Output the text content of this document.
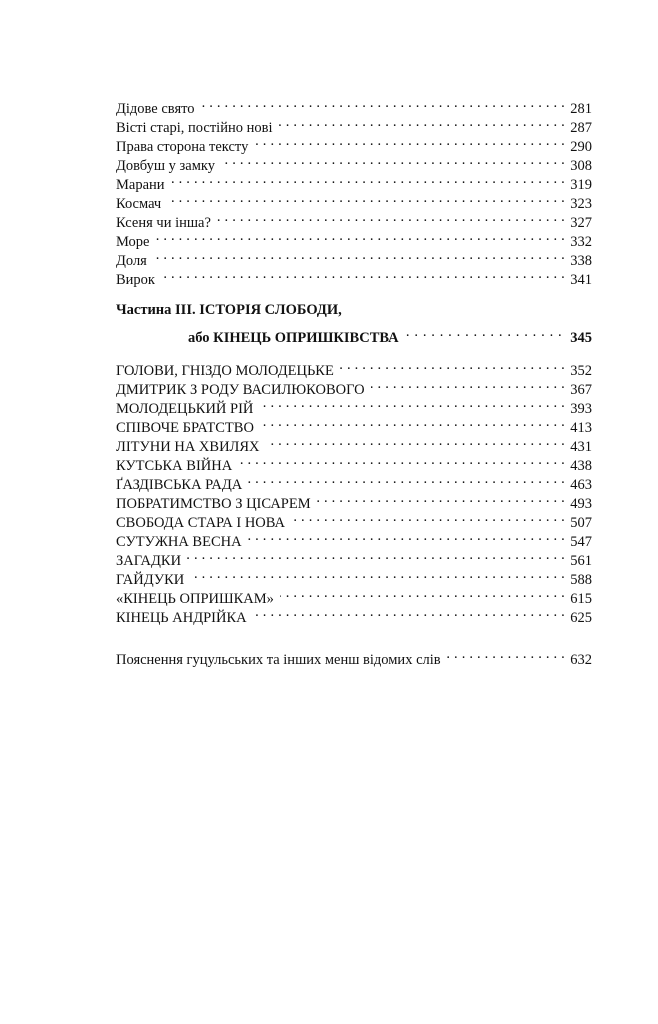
Дідове свято . . .	281
Вісті старі, постійно нові . . .	287
Права сторона тексту . . .	290
Довбуш у замку . . .	308
Марани . . .	319
Космач . . .	323
Ксеня чи інша? . . .	327
Море . . .	332
Доля . . .	338
Вирок . . .	341
Частина ІІІ. ІСТОРІЯ СЛОБОДИ,
або КІНЕЦЬ ОПРИШКІВСТВА . . .	345
ГОЛОВИ, ГНІЗДО МОЛОДЕЦЬКЕ . . .	352
ДМИТРИК З РОДУ ВАСИЛЮКОВОГО . . .	367
МОЛОДЕЦЬКИЙ РІЙ . . .	393
СПІВОЧЕ БРАТСТВО . . .	413
ЛІТУНИ НА ХВИЛЯХ . . .	431
КУТСЬКА ВІЙНА . . .	438
ҐАЗДІВСЬКА РАДА . . .	463
ПОБРАТИМСТВО З ЦІСАРЕМ . . .	493
СВОБОДА СТАРА І НОВА . . .	507
СУТУЖНА ВЕСНА . . .	547
ЗАГАДКИ . . .	561
ГАЙДУКИ . . .	588
«КІНЕЦЬ ОПРИШКАМ» . . .	615
КІНЕЦЬ АНДРІЙКА . . .	625
Пояснення гуцульських та інших менш відомих слів . . .	632
